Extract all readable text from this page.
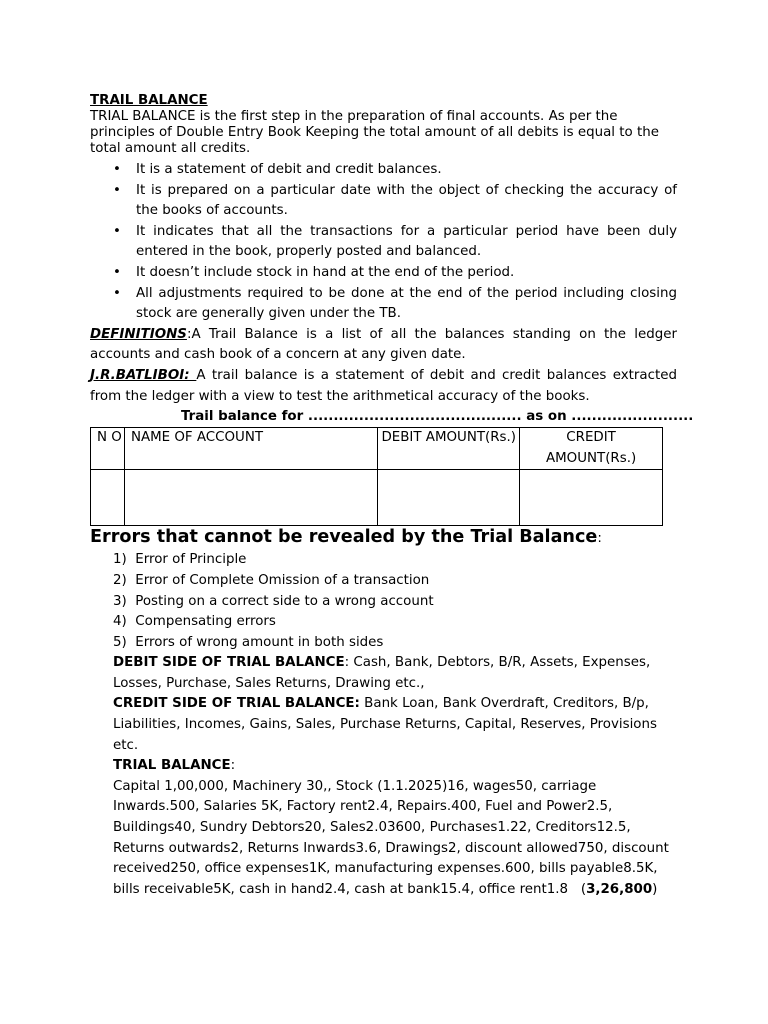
TRAIL BALANCE

TRIAL BALANCE is the first step in the preparation of final accounts. As per the principles of Double Entry Book Keeping the total amount of all debits is equal to the total amount all credits.

• It is a statement of debit and credit balances.
• It is prepared on a particular date with the object of checking the accuracy of the books of accounts.
• It indicates that all the transactions for a particular period have been duly entered in the book, properly posted and balanced.
• It doesn’t include stock in hand at the end of the period.
• All adjustments required to be done at the end of the period including closing stock are generally given under the TB.

DEFINITIONS:A Trail Balance is a list of all the balances standing on the ledger accounts and cash book of a concern at any given date.

J.R.BATLIBOI: A trail balance is a statement of debit and credit balances extracted from the ledger with a view to test the arithmetical accuracy of the books.

Trail balance for .......................................... as on ........................
N O	NAME OF ACCOUNT	DEBIT AMOUNT(Rs.)	CREDIT AMOUNT(Rs.)

Errors that cannot be revealed by the Trial Balance:
1) Error of Principle
2) Error of Complete Omission of a transaction
3) Posting on a correct side to a wrong account
4) Compensating errors
5) Errors of wrong amount in both sides
DEBIT SIDE OF TRIAL BALANCE: Cash, Bank, Debtors, B/R, Assets, Expenses, Losses, Purchase, Sales Returns, Drawing etc.,
CREDIT SIDE OF TRIAL BALANCE: Bank Loan, Bank Overdraft, Creditors, B/p, Liabilities, Incomes, Gains, Sales, Purchase Returns, Capital, Reserves, Provisions etc.
TRIAL BALANCE:
Capital 1,00,000, Machinery 30,, Stock (1.1.2025)16, wages50, carriage
Inwards.500, Salaries 5K, Factory rent2.4, Repairs.400, Fuel and Power2.5,
Buildings40, Sundry Debtors20, Sales2.03600, Purchases1.22, Creditors12.5,
Returns outwards2, Returns Inwards3.6, Drawings2, discount allowed750, discount
received250, office expenses1K, manufacturing expenses.600, bills payable8.5K,
bills receivable5K, cash in hand2.4, cash at bank15.4, office rent1.8 (3,26,800)
